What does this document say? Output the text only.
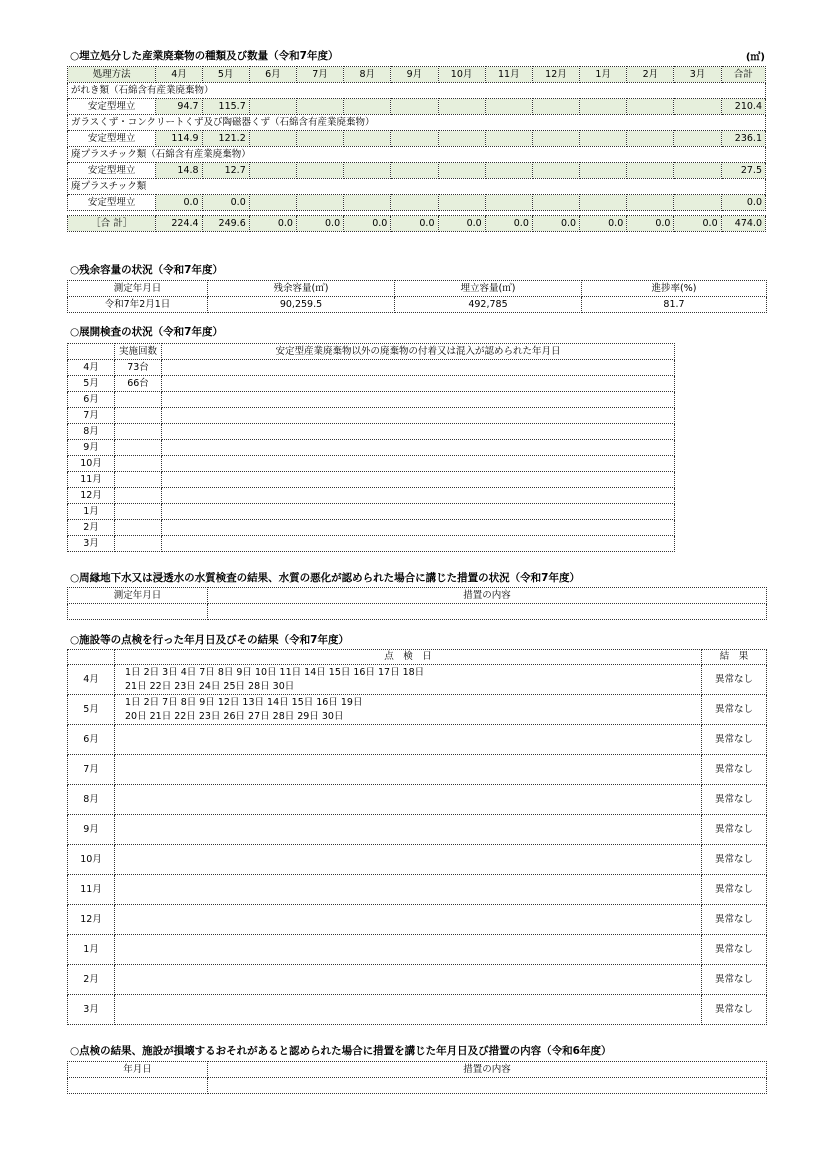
○埋立処分した産業廃棄物の種類及び数量（令和7年度）	(㎥)
処理方法	4月	5月	6月	7月	8月	9月	10月	11月	12月	1月	2月	3月	合計
がれき類（石綿含有産業廃棄物）													
安定型埋立	94.7	115.7											210.4
ガラスくず・コンクリートくず及び陶磁器くず（石綿含有産業廃棄物）													
安定型埋立	114.9	121.2											236.1
廃プラスチック類（石綿含有産業廃棄物）													
安定型埋立	14.8	12.7											27.5
廃プラスチック類													
安定型埋立	0.0	0.0											0.0

［合 計］	224.4	249.6	0.0	0.0	0.0	0.0	0.0	0.0	0.0	0.0	0.0	0.0	474.0
○残余容量の状況（令和7年度）
測定年月日	残余容量(㎥)	埋立容量(㎥)	進捗率(%)
令和7年2月1日	90,259.5	492,785	81.7
○展開検査の状況（令和7年度）
	実施回数	安定型産業廃棄物以外の廃棄物の付着又は混入が認められた年月日
4月	73台	
5月	66台	
6月		
7月		
8月		
9月		
10月		
11月		
12月		
1月		
2月		
3月		
○周縁地下水又は浸透水の水質検査の結果、水質の悪化が認められた場合に講じた措置の状況（令和7年度）
測定年月日	措置の内容

○施設等の点検を行った年月日及びその結果（令和7年度）
	点　検　日	結　果
4月	1日 2日 3日 4日 7日 8日 9日 10日 11日 14日 15日 16日 17日 18日
21日 22日 23日 24日 25日 28日 30日	異常なし
5月	1日 2日 7日 8日 9日 12日 13日 14日 15日 16日 19日
20日 21日 22日 23日 26日 27日 28日 29日 30日	異常なし
6月		異常なし
7月		異常なし
8月		異常なし
9月		異常なし
10月		異常なし
11月		異常なし
12月		異常なし
1月		異常なし
2月		異常なし
3月		異常なし
○点検の結果、施設が損壊するおそれがあると認められた場合に措置を講じた年月日及び措置の内容（令和6年度）
年月日	措置の内容
